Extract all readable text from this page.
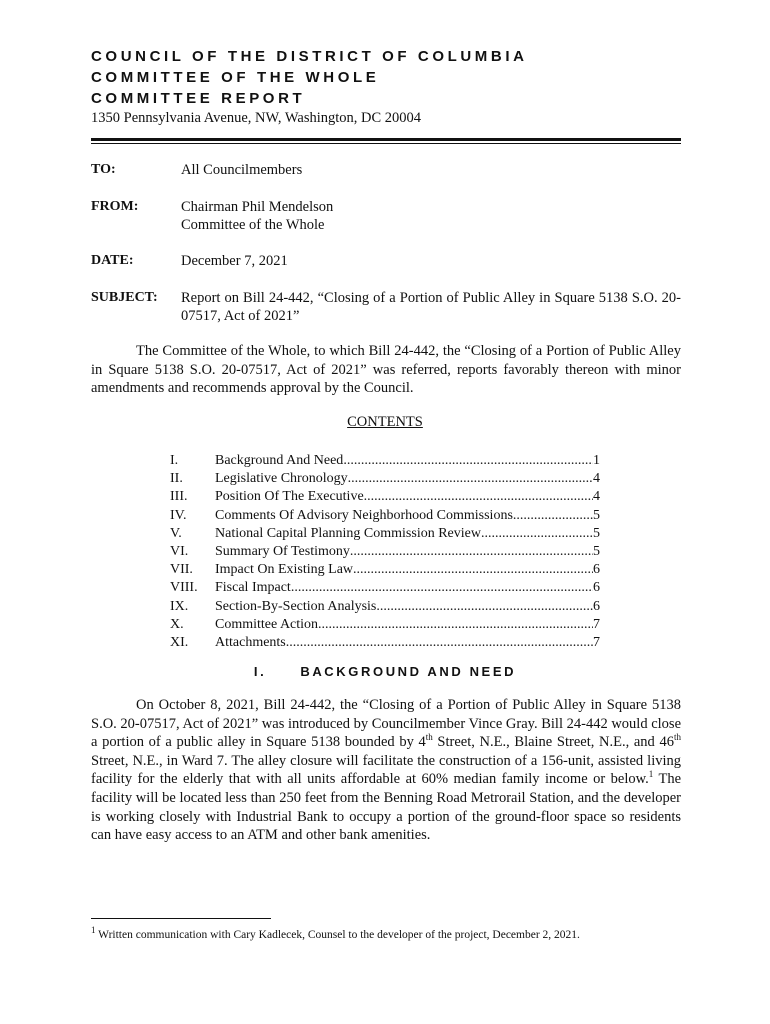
COUNCIL OF THE DISTRICT OF COLUMBIA
COMMITTEE OF THE WHOLE
COMMITTEE REPORT
1350 Pennsylvania Avenue, NW, Washington, DC 20004
TO:	All Councilmembers
FROM:	Chairman Phil Mendelson
Committee of the Whole
DATE:	December 7, 2021
SUBJECT: Report on Bill 24-442, “Closing of a Portion of Public Alley in Square 5138 S.O. 20-07517, Act of 2021”
The Committee of the Whole, to which Bill 24-442, the “Closing of a Portion of Public Alley in Square 5138 S.O. 20-07517, Act of 2021” was referred, reports favorably thereon with minor amendments and recommends approval by the Council.
CONTENTS
I.	Background And Need .....	1
II.	Legislative Chronology .....	4
III.	Position Of The Executive .....	4
IV.	Comments Of Advisory Neighborhood Commissions .....	5
V.	National Capital Planning Commission Review .....	5
VI.	Summary Of Testimony .....	5
VII.	Impact On Existing Law .....	6
VIII.	Fiscal Impact .....	6
IX.	Section-By-Section Analysis .....	6
X.	Committee Action .....	7
XI.	Attachments .....	7
I.	BACKGROUND AND NEED
On October 8, 2021, Bill 24-442, the “Closing of a Portion of Public Alley in Square 5138 S.O. 20-07517, Act of 2021” was introduced by Councilmember Vince Gray. Bill 24-442 would close a portion of a public alley in Square 5138 bounded by 4th Street, N.E., Blaine Street, N.E., and 46th Street, N.E., in Ward 7. The alley closure will facilitate the construction of a 156-unit, assisted living facility for the elderly that with all units affordable at 60% median family income or below.$^1$ The facility will be located less than 250 feet from the Benning Road Metrorail Station, and the developer is working closely with Industrial Bank to occupy a portion of the ground-floor space so residents can have easy access to an ATM and other bank amenities.
$^1$ Written communication with Cary Kadlecek, Counsel to the developer of the project, December 2, 2021.
